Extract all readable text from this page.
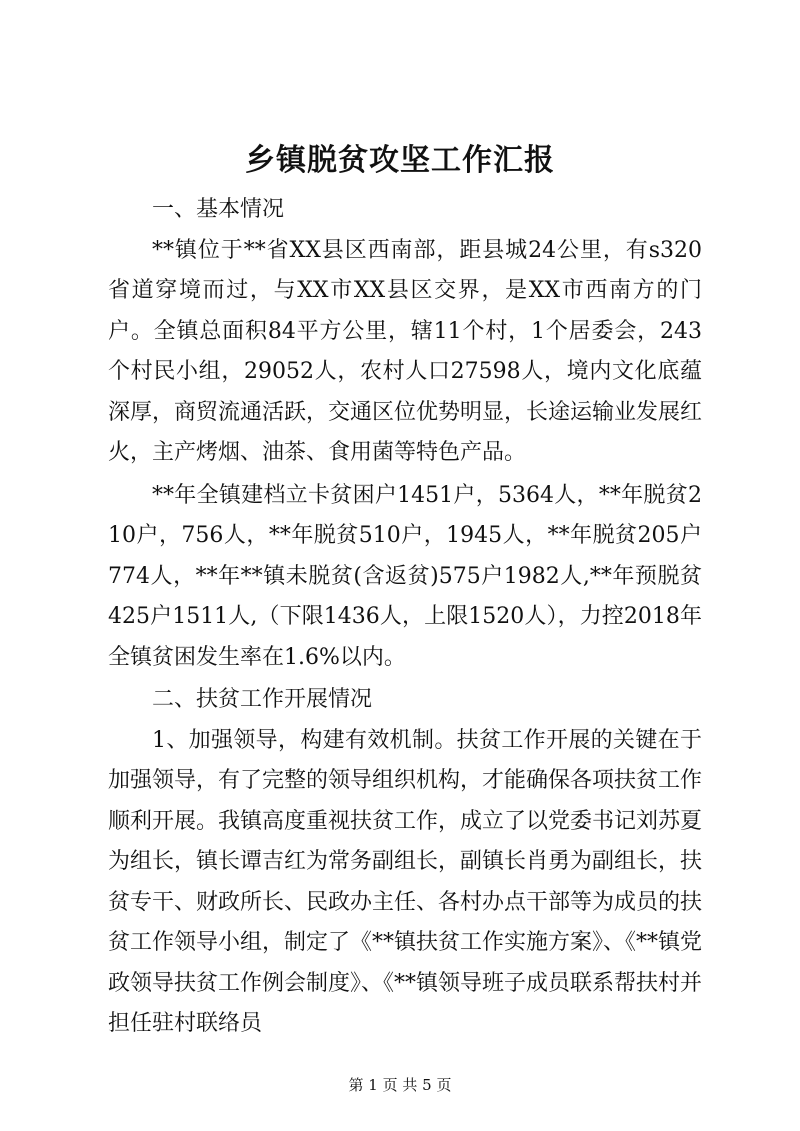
乡镇脱贫攻坚工作汇报

一、基本情况

**镇位于**省XX县区西南部，距县城24公里，有s320省道穿境而过，与XX市XX县区交界，是XX市西南方的门户。全镇总面积84平方公里，辖11个村，1个居委会，243个村民小组，29052人，农村人口27598人，境内文化底蕴深厚，商贸流通活跃，交通区位优势明显，长途运输业发展红火，主产烤烟、油茶、食用菌等特色产品。

**年全镇建档立卡贫困户1451户，5364人，**年脱贫210户，756人，**年脱贫510户，1945人，**年脱贫205户774人，**年**镇未脱贫(含返贫)575户1982人,**年预脱贫425户1511人,（下限1436人，上限1520人），力控2018年全镇贫困发生率在1.6%以内。

二、扶贫工作开展情况

1、加强领导，构建有效机制。扶贫工作开展的关键在于加强领导，有了完整的领导组织机构，才能确保各项扶贫工作顺利开展。我镇高度重视扶贫工作，成立了以党委书记刘苏夏为组长，镇长谭吉红为常务副组长，副镇长肖勇为副组长，扶贫专干、财政所长、民政办主任、各村办点干部等为成员的扶贫工作领导小组，制定了《**镇扶贫工作实施方案》、《**镇党政领导扶贫工作例会制度》、《**镇领导班子成员联系帮扶村并担任驻村联络员

第 1 页 共 5 页
